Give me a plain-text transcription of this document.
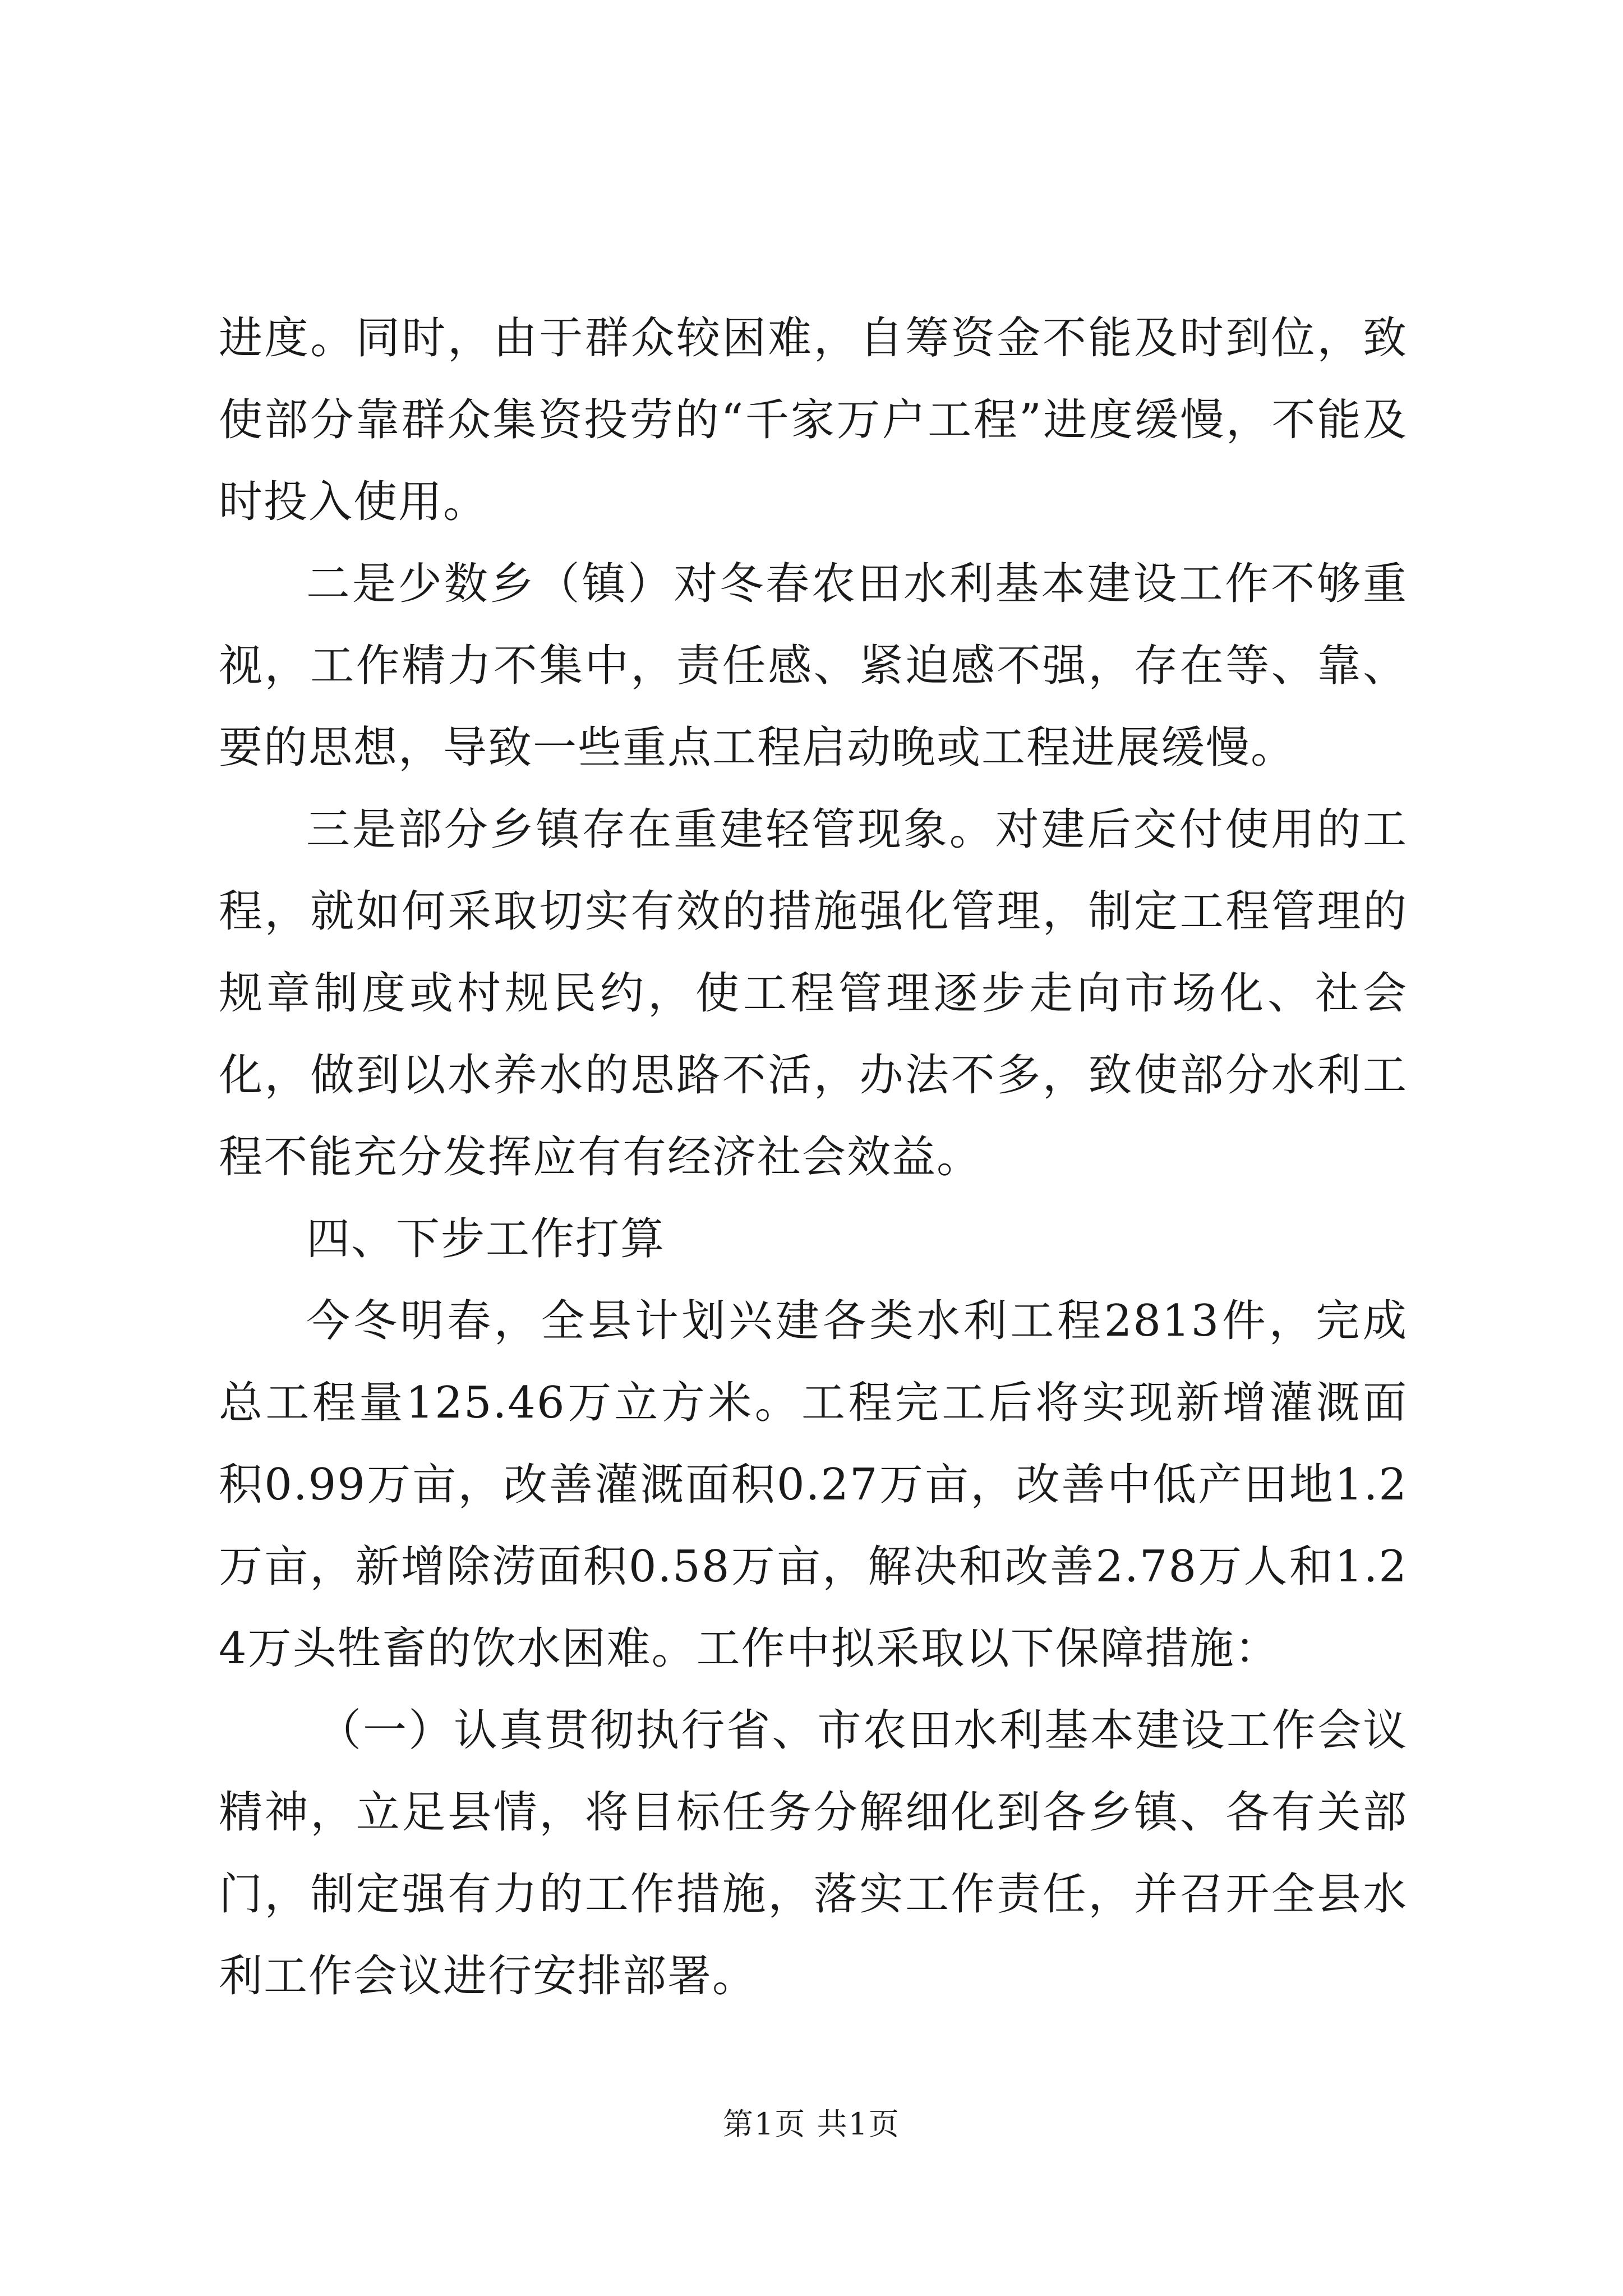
进度。同时，由于群众较困难，自筹资金不能及时到位，致使部分靠群众集资投劳的“千家万户工程”进度缓慢，不能及时投入使用。

二是少数乡（镇）对冬春农田水利基本建设工作不够重视，工作精力不集中，责任感、紧迫感不强，存在等、靠、要的思想，导致一些重点工程启动晚或工程进展缓慢。

三是部分乡镇存在重建轻管现象。对建后交付使用的工程，就如何采取切实有效的措施强化管理，制定工程管理的规章制度或村规民约，使工程管理逐步走向市场化、社会化，做到以水养水的思路不活，办法不多，致使部分水利工程不能充分发挥应有有经济社会效益。

四、下步工作打算

今冬明春，全县计划兴建各类水利工程2813件，完成总工程量125.46万立方米。工程完工后将实现新增灌溉面积0.99万亩，改善灌溉面积0.27万亩，改善中低产田地1.2万亩，新增除涝面积0.58万亩，解决和改善2.78万人和1.24万头牲畜的饮水困难。工作中拟采取以下保障措施：

（一）认真贯彻执行省、市农田水利基本建设工作会议精神，立足县情，将目标任务分解细化到各乡镇、各有关部门，制定强有力的工作措施，落实工作责任，并召开全县水利工作会议进行安排部署。

第1页 共1页
